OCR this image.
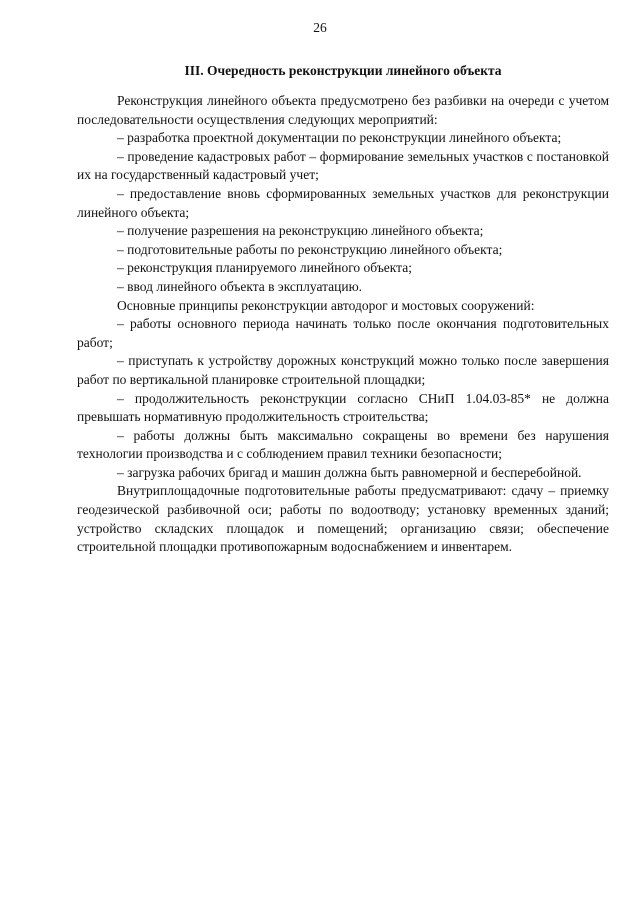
26
III. Очередность реконструкции линейного объекта

Реконструкция линейного объекта предусмотрено без разбивки на очереди с учетом последовательности осуществления следующих мероприятий:

– разработка проектной документации по реконструкции линейного объекта;

– проведение кадастровых работ – формирование земельных участков с постановкой их на государственный кадастровый учет;

– предоставление вновь сформированных земельных участков для реконструкции линейного объекта;

– получение разрешения на реконструкцию линейного объекта;

– подготовительные работы по реконструкцию линейного объекта;

– реконструкция планируемого линейного объекта;

– ввод линейного объекта в эксплуатацию.

Основные принципы реконструкции автодорог и мостовых сооружений:

– работы основного периода начинать только после окончания подготовительных работ;

– приступать к устройству дорожных конструкций можно только после завершения работ по вертикальной планировке строительной площадки;

– продолжительность реконструкции согласно СНиП 1.04.03-85* не должна превышать нормативную продолжительность строительства;

– работы должны быть максимально сокращены во времени без нарушения технологии производства и с соблюдением правил техники безопасности;

– загрузка рабочих бригад и машин должна быть равномерной и бесперебойной.

Внутриплощадочные подготовительные работы предусматривают: сдачу – приемку геодезической разбивочной оси; работы по водоотводу; установку временных зданий; устройство складских площадок и помещений; организацию связи; обеспечение строительной площадки противопожарным водоснабжением и инвентарем.
